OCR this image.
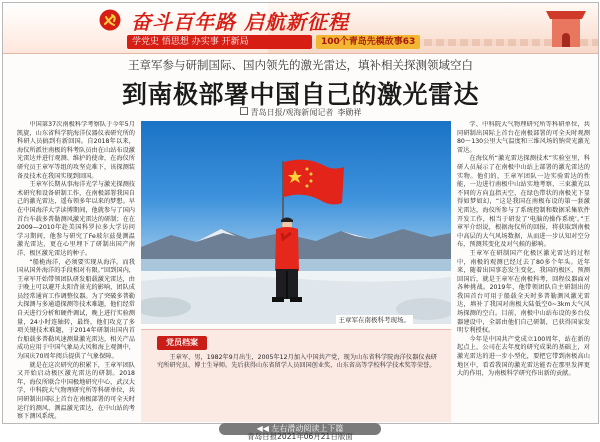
奋斗百年路 启航新征程
学党史 悟思想 办实事 开新局	100个青岛先模故事63
王章军参与研制国际、国内领先的激光雷达，填补相关探测领域空白
到南极部署中国自己的激光雷达
青岛日报/观海新闻记者 李勋祥

中国第37次南极科学考察队于今年5月凯旋，山东省科学院海洋仪器仪表研究所的科研人员搞到有新回国。自2018年以来，海仪所派往南极的科考队员由在山站布设激光雷达并进行观测、维护的使命，在海仪所研究员王章军等组的攻坚克难下，该探测装备及技术在我国实现到回国。

王章军长期从事海洋光学与激光探测技术研究和设备研制工作，在南极部署我国自己的激光雷达，遥布领多年以来的梦想。早在中国海洋大学读博期间，他就参与了国内首台车载多普勒测风激光雷达的研制；在在2009—2010年赴美国科罗拉多大学访问学习期间，他参与研究了Fe玻尔兹曼测温激光雷达，更在心里埋下了研制出国产南洋、极区激光雷达的种子。

“船桅海洋，必须要实现从海洋，而我国从国外海洋的手段相对有限。”回到国内，王章军开始带领团队研发船载激光雷达，由于晚上可以避开太阳背景光的影响，团队成员经常通宵工作调整仪器。为了突破多普勒大探测与多通道探测等技术难题，他们经常自天进行分析和硬件调试，晚上进行实验测量，24小时连轴转，最终，他们攻克了多项关键技术难题，于2014年研制出国内首台船载多普勒风速测量激光雷达，相关产品成功应用于中国气象局大风和海上观测中，为国庆70周年阅兵提供了气象保障。

就是在这次研究的积累下，王章军团队又开始启动极区激光雷达的研制。2018年，海仪所联合中国极地研究中心，武汉大学，中科院大气物理研究所等科研单位，共同研制出国际上首台在南极部署的可全天时运行的测风、测温激光雷达，在中山站的考察下测风系统。

王章军在南极科考现场。
党员档案
王章军，男，1982年9月出生，2005年12月加入中国共产党，现为山东省科学院海洋仪器仪表研究所研究员、博士生导师。先后获得山东省留学人员回国创业奖、山东省高等学校科学技术奖等荣誉。

学、中科院大气物理研究所等科研单位，共同研制出国际上首台在南极部署的可全天时观测80～130公里大气温度和三维风场的钠荧光激光雷达。

在海仪所“激光雷达探测技术”实验室里，科研人员展示了在南极中山站上部署的激光雷达的实物。他们的，王章军团队一边实验雷达的性能，一边进行南极中山站实地考察，三束激光以不同的方向直指天空，在绿色带状的南极光下显得如梦如幻，“这是我国在南极布设的第一套激光雷达，海仪所参与了系统控制和数据采集软件开发工作，相当于研发了‘电脑的操作系统’。”王章军介绍说，根据海仪所的回报，将获取到南极中高层的大气风场数据，从而进一步认知对空分布，预测其变化及对气候的影响。

王章军在研制国产化极区激光雷达的过程中，南极的观测已经过去了80多个年头。近年来，随着出国事态发生变化，我国的极区，预测回国后，就是王章军在南极科考，回程仪器面对各种挑战。2019年，他带领团队自主研制出的我国首台可用于船载全天时多普勒测风激光雷达，填补了我国对南极大陆低空0~3km大气风场探测的空白。目前，南极中山站布设的多台仪器建设中，全部由他们自己研制，已获得国家发明专利授权。

今年是中国共产党成立100周年，站在新的起点上，公司在去年度的研究成果的基础上，对激光雷达的进一步小型化，要把它带到南极高山地区中，看看我国的激光雷达能否在那里发挥更大的作用，为南极科学研究作出新的贡献。

◀◀ 左右滑动阅读上下篇
青岛日报2021年06月21日版面
